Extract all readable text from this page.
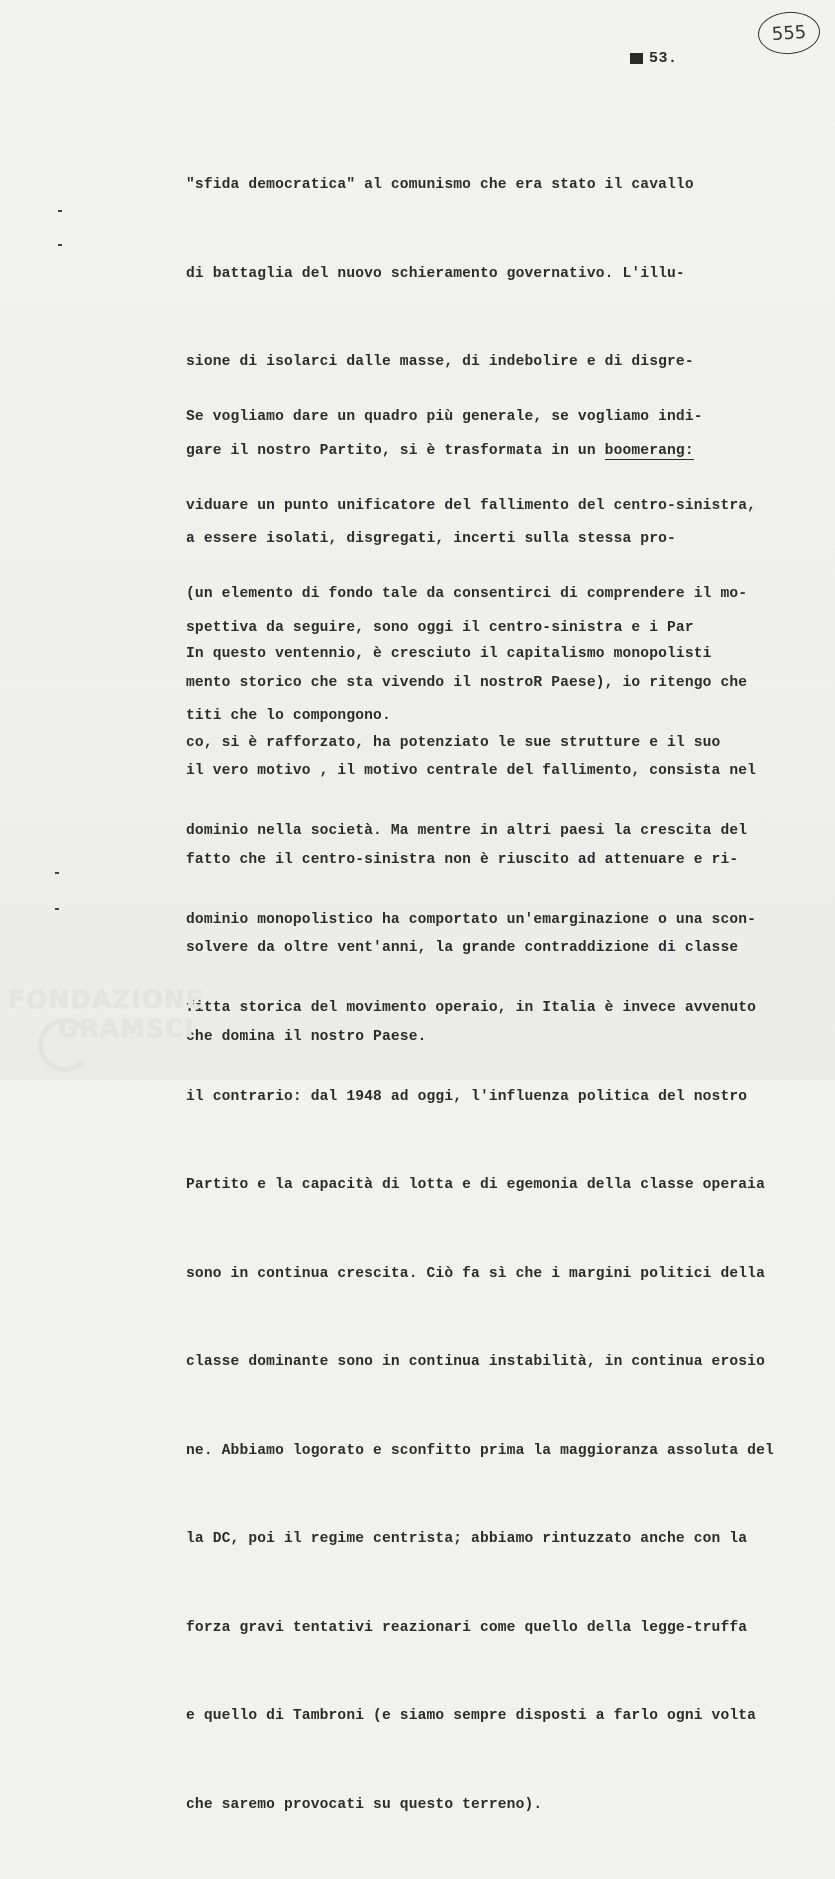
555
XX 53.

"sfida democratica" al comunismo che era stato il cavallo

di battaglia del nuovo schieramento governativo. L'illu-

sione di isolarci dalle masse, di indebolire e di disgre-

gare il nostro Partito, si è trasformata in un boomerang:

a essere isolati, disgregati, incerti sulla stessa pro-

spettiva da seguire, sono oggi il centro-sinistra e i Par

titi che lo compongono.

Se vogliamo dare un quadro più generale, se vogliamo indi-

viduare un punto unificatore del fallimento del centro-sinistra,

(un elemento di fondo tale da consentirci di comprendere il mo-

mento storico che sta vivendo il nostroR Paese), io ritengo che

il vero motivo , il motivo centrale del fallimento, consista nel

fatto che il centro-sinistra non è riuscito ad attenuare e ri-

solvere da oltre vent'anni, la grande contraddizione di classe

che domina il nostro Paese.

In questo ventennio, è cresciuto il capitalismo monopolisti

co, si è rafforzato, ha potenziato le sue strutture e il suo

dominio nella società. Ma mentre in altri paesi la crescita del

dominio monopolistico ha comportato un'emarginazione o una scon-

fitta storica del movimento operaio, in Italia è invece avvenuto

il contrario: dal 1948 ad oggi, l'influenza politica del nostro

Partito e la capacità di lotta e di egemonia della classe operaia

sono in continua crescita. Ciò fa sì che i margini politici della

classe dominante sono in continua instabilità, in continua erosio

ne. Abbiamo logorato e sconfitto prima la maggioranza assoluta del

la DC, poi il regime centrista; abbiamo rintuzzato anche con la

forza gravi tentativi reazionari come quello della legge-truffa

e quello di Tambroni (e siamo sempre disposti a farlo ogni volta

che saremo provocati su questo terreno).

FONDAZIONE
GRAMSCI
